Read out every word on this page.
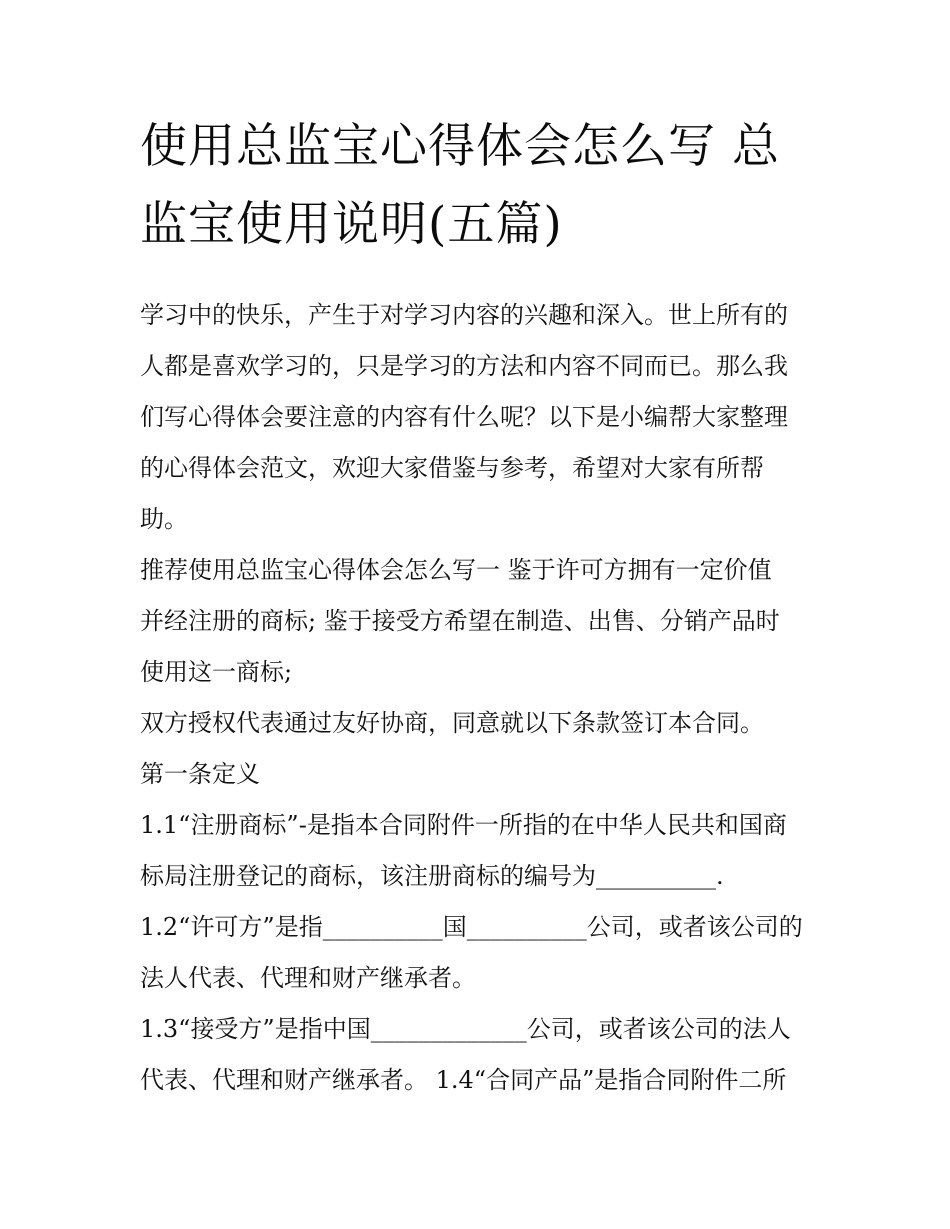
使用总监宝心得体会怎么写 总
监宝使用说明(五篇)

学习中的快乐，产生于对学习内容的兴趣和深入。世上所有的
人都是喜欢学习的，只是学习的方法和内容不同而已。那么我
们写心得体会要注意的内容有什么呢？以下是小编帮大家整理
的心得体会范文，欢迎大家借鉴与参考，希望对大家有所帮
助。

推荐使用总监宝心得体会怎么写一 鉴于许可方拥有一定价值
并经注册的商标; 鉴于接受方希望在制造、出售、分销产品时
使用这一商标;

双方授权代表通过友好协商，同意就以下条款签订本合同。

第一条定义

1.1“注册商标”-是指本合同附件一所指的在中华人民共和国商
标局注册登记的商标，该注册商标的编号为__________.

1.2“许可方”是指__________国__________公司，或者该公司的
法人代表、代理和财产继承者。

1.3“接受方”是指中国_____________公司，或者该公司的法人
代表、代理和财产继承者。 1.4“合同产品”是指合同附件二所
